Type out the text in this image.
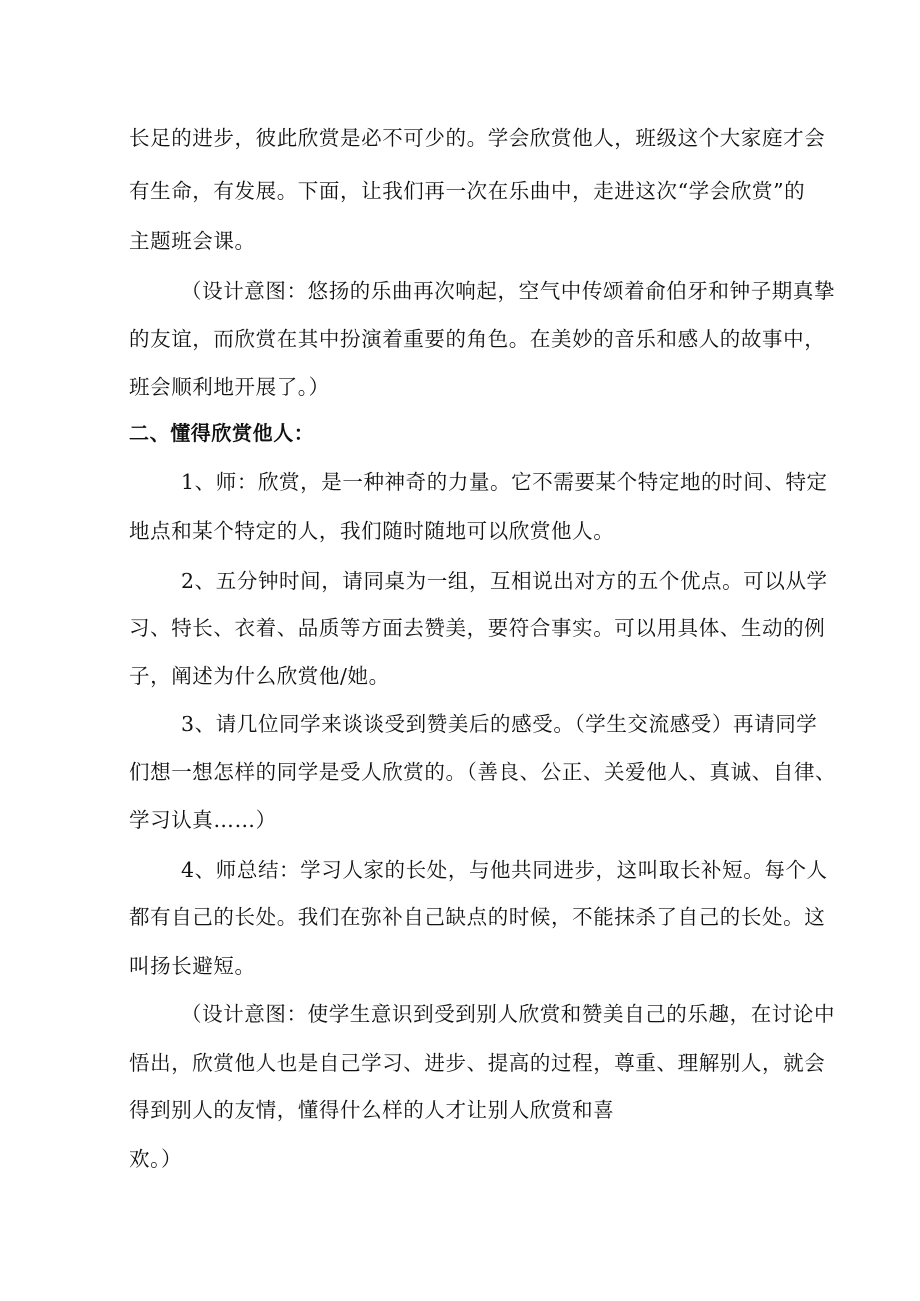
长足的进步，彼此欣赏是必不可少的。学会欣赏他人，班级这个大家庭才会

有生命，有发展。下面，让我们再一次在乐曲中，走进这次“学会欣赏”的

主题班会课。

（设计意图：悠扬的乐曲再次响起，空气中传颂着俞伯牙和钟子期真挚

的友谊，而欣赏在其中扮演着重要的角色。在美妙的音乐和感人的故事中，

班会顺利地开展了。）

二、懂得欣赏他人：

1、师：欣赏，是一种神奇的力量。它不需要某个特定地的时间、特定

地点和某个特定的人，我们随时随地可以欣赏他人。

2、五分钟时间，请同桌为一组，互相说出对方的五个优点。可以从学

习、特长、衣着、品质等方面去赞美，要符合事实。可以用具体、生动的例

子，阐述为什么欣赏他/她。

3、请几位同学来谈谈受到赞美后的感受。（学生交流感受）再请同学

们想一想怎样的同学是受人欣赏的。（善良、公正、关爱他人、真诚、自律、

学习认真……）

4、师总结：学习人家的长处，与他共同进步，这叫取长补短。每个人

都有自己的长处。我们在弥补自己缺点的时候，不能抹杀了自己的长处。这

叫扬长避短。

（设计意图：使学生意识到受到别人欣赏和赞美自己的乐趣，在讨论中

悟出，欣赏他人也是自己学习、进步、提高的过程，尊重、理解别人，就会

得到别人的友情，懂得什么样的人才让别人欣赏和喜

欢。）
